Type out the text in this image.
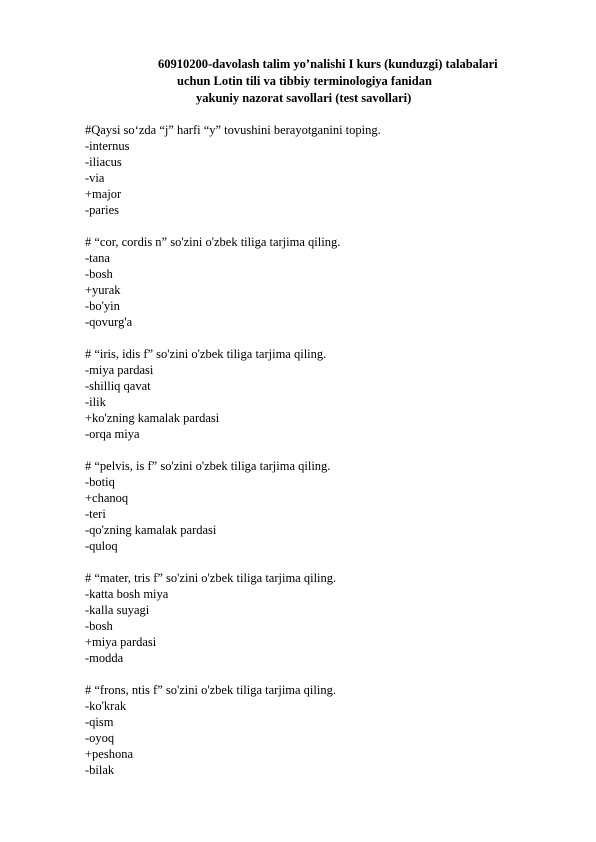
60910200-davolash talim yo’nalishi I kurs (kunduzgi) talabalari
uchun Lotin tili va tibbiy terminologiya fanidan
yakuniy nazorat savollari (test savollari)
#Qaysi so‘zda “j” harfi “y” tovushini berayotganini toping.
-internus
-iliacus
-via
+major
-paries
# “cor, cordis n” so'zini o'zbek tiliga tarjima qiling.
-tana
-bosh
+yurak
-bo'yin
-qovurg'a
# “iris, idis f” so'zini o'zbek tiliga tarjima qiling.
-miya pardasi
-shilliq qavat
-ilik
+ko'zning kamalak pardasi
-orqa miya
# “pelvis, is f” so'zini o'zbek tiliga tarjima qiling.
-botiq
+chanoq
-teri
-qo'zning kamalak pardasi
-quloq
# “mater, tris f” so'zini o'zbek tiliga tarjima qiling.
-katta bosh miya
-kalla suyagi
-bosh
+miya pardasi
-modda
# “frons, ntis f” so'zini o'zbek tiliga tarjima qiling.
-ko'krak
-qism
-oyoq
+peshona
-bilak
